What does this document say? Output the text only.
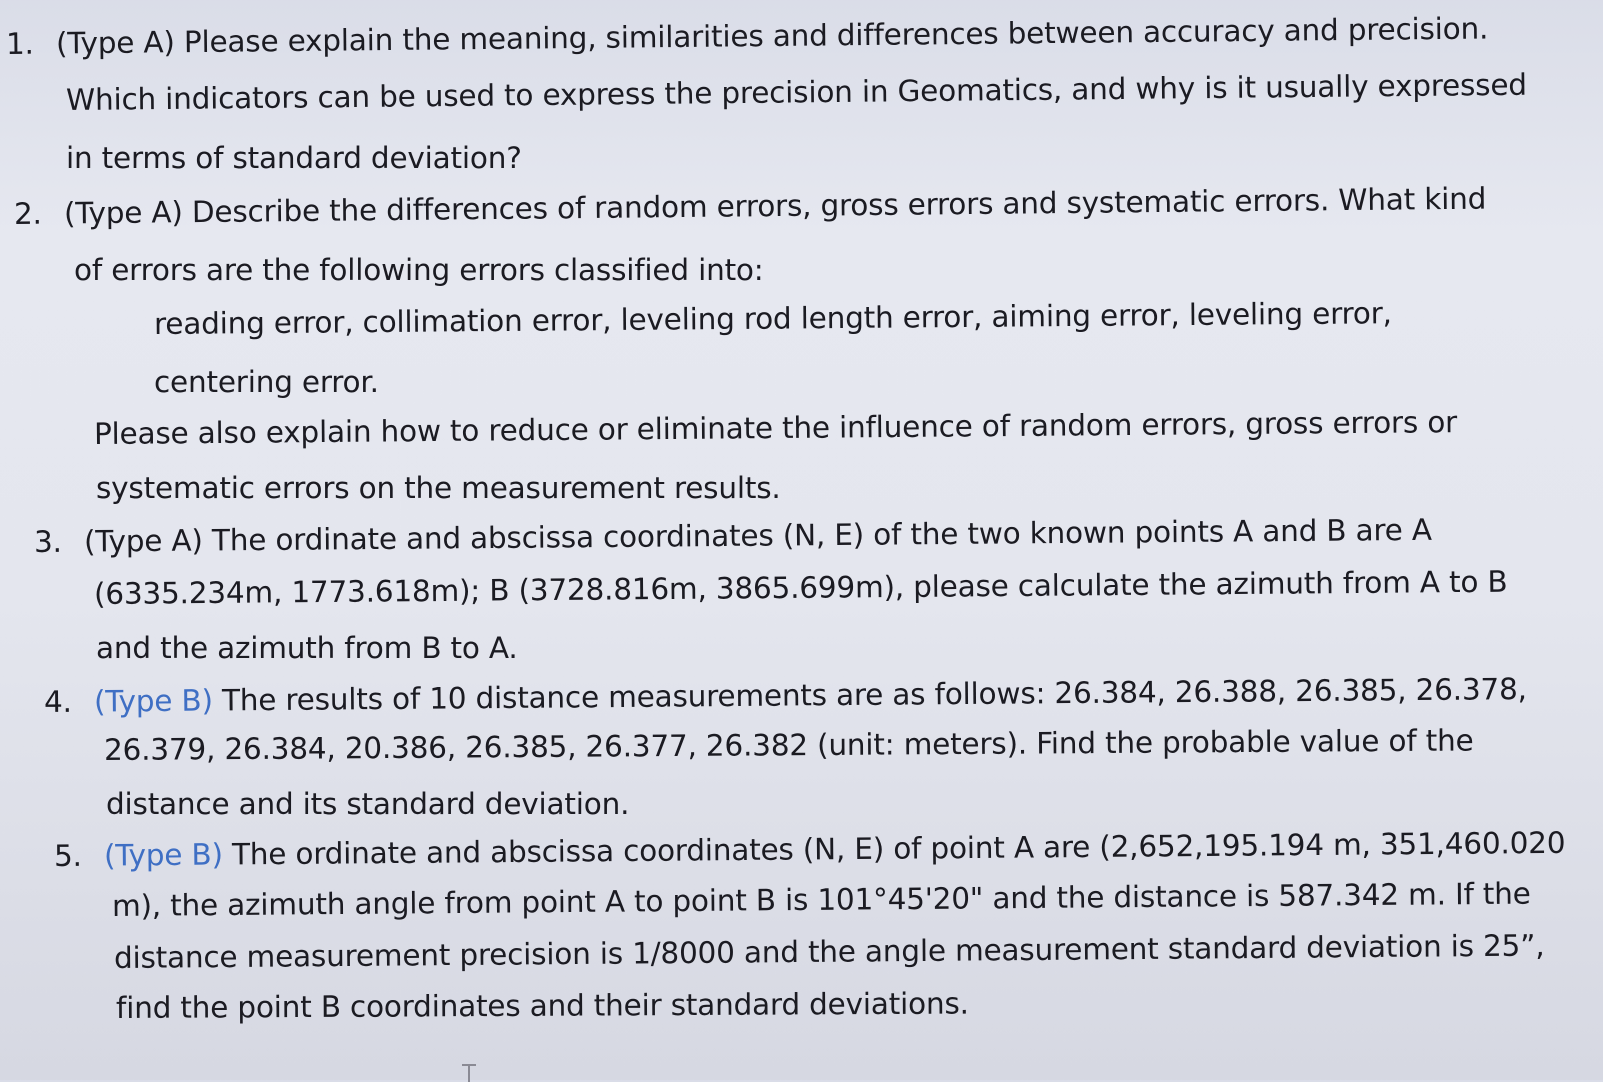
1. (Type A) Please explain the meaning, similarities and differences between accuracy and precision.
Which indicators can be used to express the precision in Geomatics, and why is it usually expressed
in terms of standard deviation?
2. (Type A) Describe the differences of random errors, gross errors and systematic errors. What kind
of errors are the following errors classified into:
reading error, collimation error, leveling rod length error, aiming error, leveling error,
centering error.
Please also explain how to reduce or eliminate the influence of random errors, gross errors or
systematic errors on the measurement results.
3. (Type A) The ordinate and abscissa coordinates (N, E) of the two known points A and B are A
(6335.234m, 1773.618m); B (3728.816m, 3865.699m), please calculate the azimuth from A to B
and the azimuth from B to A.
4. (Type B) The results of 10 distance measurements are as follows: 26.384, 26.388, 26.385, 26.378,
26.379, 26.384, 20.386, 26.385, 26.377, 26.382 (unit: meters). Find the probable value of the
distance and its standard deviation.
5. (Type B) The ordinate and abscissa coordinates (N, E) of point A are (2,652,195.194 m, 351,460.020
m), the azimuth angle from point A to point B is 101°45'20" and the distance is 587.342 m. If the
distance measurement precision is 1/8000 and the angle measurement standard deviation is 25”,
find the point B coordinates and their standard deviations.
